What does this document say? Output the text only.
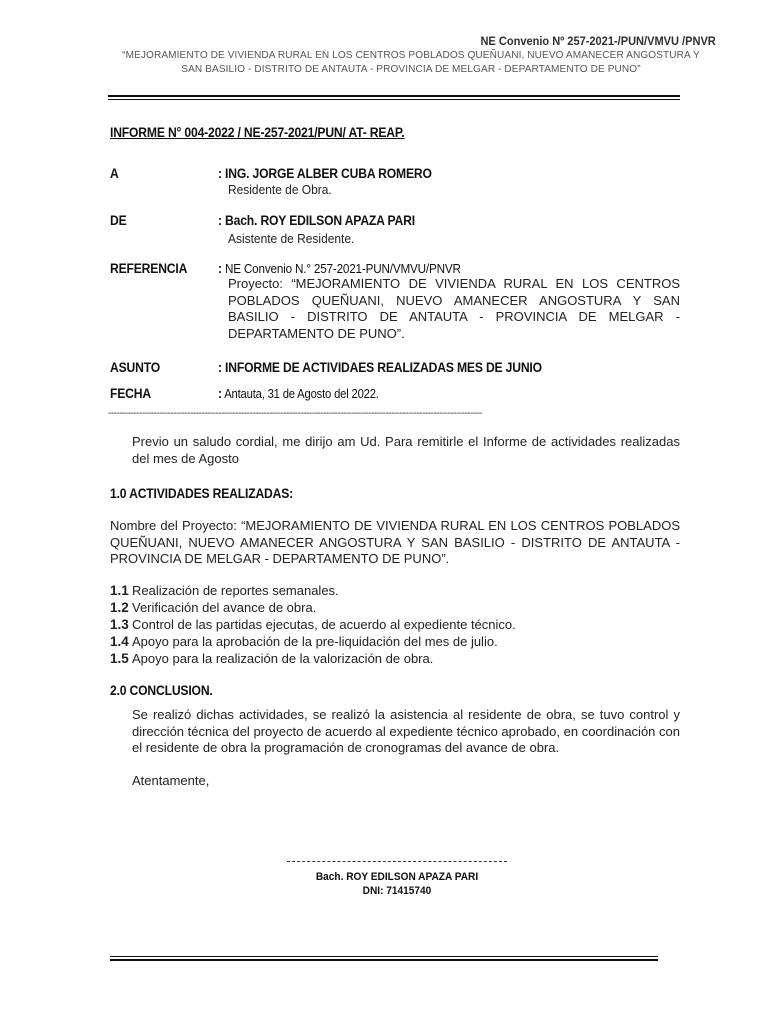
NE Convenio Nº 257-2021-/PUN/VMVU /PNVR
“MEJORAMIENTO DE VIVIENDA RURAL EN LOS CENTROS POBLADOS QUEÑUANI, NUEVO AMANECER ANGOSTURA Y
SAN BASILIO - DISTRITO DE ANTAUTA - PROVINCIA DE MELGAR - DEPARTAMENTO DE PUNO”
INFORME N° 004-2022 / NE-257-2021/PUN/ AT- REAP.
A	: ING. JORGE ALBER CUBA ROMERO
Residente de Obra.
DE	: Bach. ROY EDILSON APAZA PARI
Asistente de Residente.
REFERENCIA : NE Convenio N.° 257-2021-PUN/VMVU/PNVR
Proyecto: “MEJORAMIENTO DE VIVIENDA RURAL EN LOS CENTROS POBLADOS QUEÑUANI, NUEVO AMANECER ANGOSTURA Y SAN BASILIO - DISTRITO DE ANTAUTA - PROVINCIA DE MELGAR - DEPARTAMENTO DE PUNO”.
ASUNTO	: INFORME DE ACTIVIDAES REALIZADAS MES DE JUNIO
FECHA	: Antauta, 31 de Agosto del 2022.
------------------------------------------------------------------------------------------------------------------------------------
Previo un saludo cordial, me dirijo am Ud. Para remitirle el Informe de actividades realizadas del mes de Agosto
1.0 ACTIVIDADES REALIZADAS:
Nombre del Proyecto: “MEJORAMIENTO DE VIVIENDA RURAL EN LOS CENTROS POBLADOS QUEÑUANI, NUEVO AMANECER ANGOSTURA Y SAN BASILIO - DISTRITO DE ANTAUTA - PROVINCIA DE MELGAR - DEPARTAMENTO DE PUNO”.
1.1 Realización de reportes semanales.
1.2 Verificación del avance de obra.
1.3 Control de las partidas ejecutas, de acuerdo al expediente técnico.
1.4 Apoyo para la aprobación de la pre-liquidación del mes de julio.
1.5 Apoyo para la realización de la valorización de obra.
2.0 CONCLUSION.
Se realizó dichas actividades, se realizó la asistencia al residente de obra, se tuvo control y dirección técnica del proyecto de acuerdo al expediente técnico aprobado, en coordinación con el residente de obra la programación de cronogramas del avance de obra.
Atentamente,
Bach. ROY EDILSON APAZA PARI
DNI: 71415740
